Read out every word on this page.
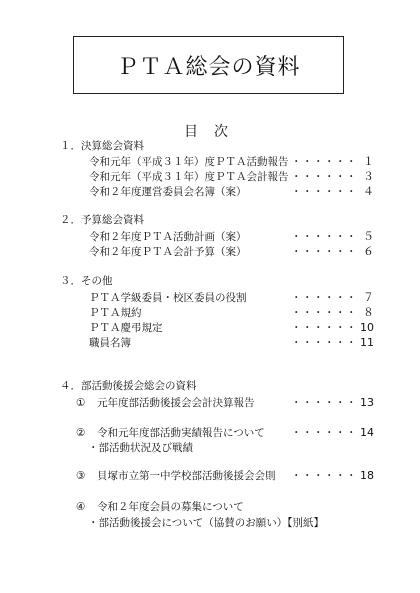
ＰＴＡ総会の資料
目　次
１．決算総会資料
令和元年（平成３１年）度ＰＴＡ活動報告 ・・・・・・ １
令和元年（平成３１年）度ＰＴＡ会計報告 ・・・・・・ ３
令和２年度運営委員会名簿（案）	・・・・・・ ４
２．予算総会資料
令和２年度ＰＴＡ活動計画（案）	・・・・・・ ５
令和２年度ＰＴＡ会計予算（案）	・・・・・・ ６
３．その他
ＰＴＡ学級委員・校区委員の役割	・・・・・・ ７
ＰＴＡ規約	・・・・・・ ８
ＰＴＡ慶弔規定	・・・・・・ 10
職員名簿	・・・・・・ 11
４．部活動後援会総会の資料
① 元年度部活動後援会会計決算報告	・・・・・・ 13
② 令和元年度部活動実績報告について ・・・・・・ 14
・部活動状況及び戦績
③ 貝塚市立第一中学校部活動後援会会則 ・・・・・・ 18
④ 令和２年度会員の募集について
・部活動後援会について（協賛のお願い）【別紙】
